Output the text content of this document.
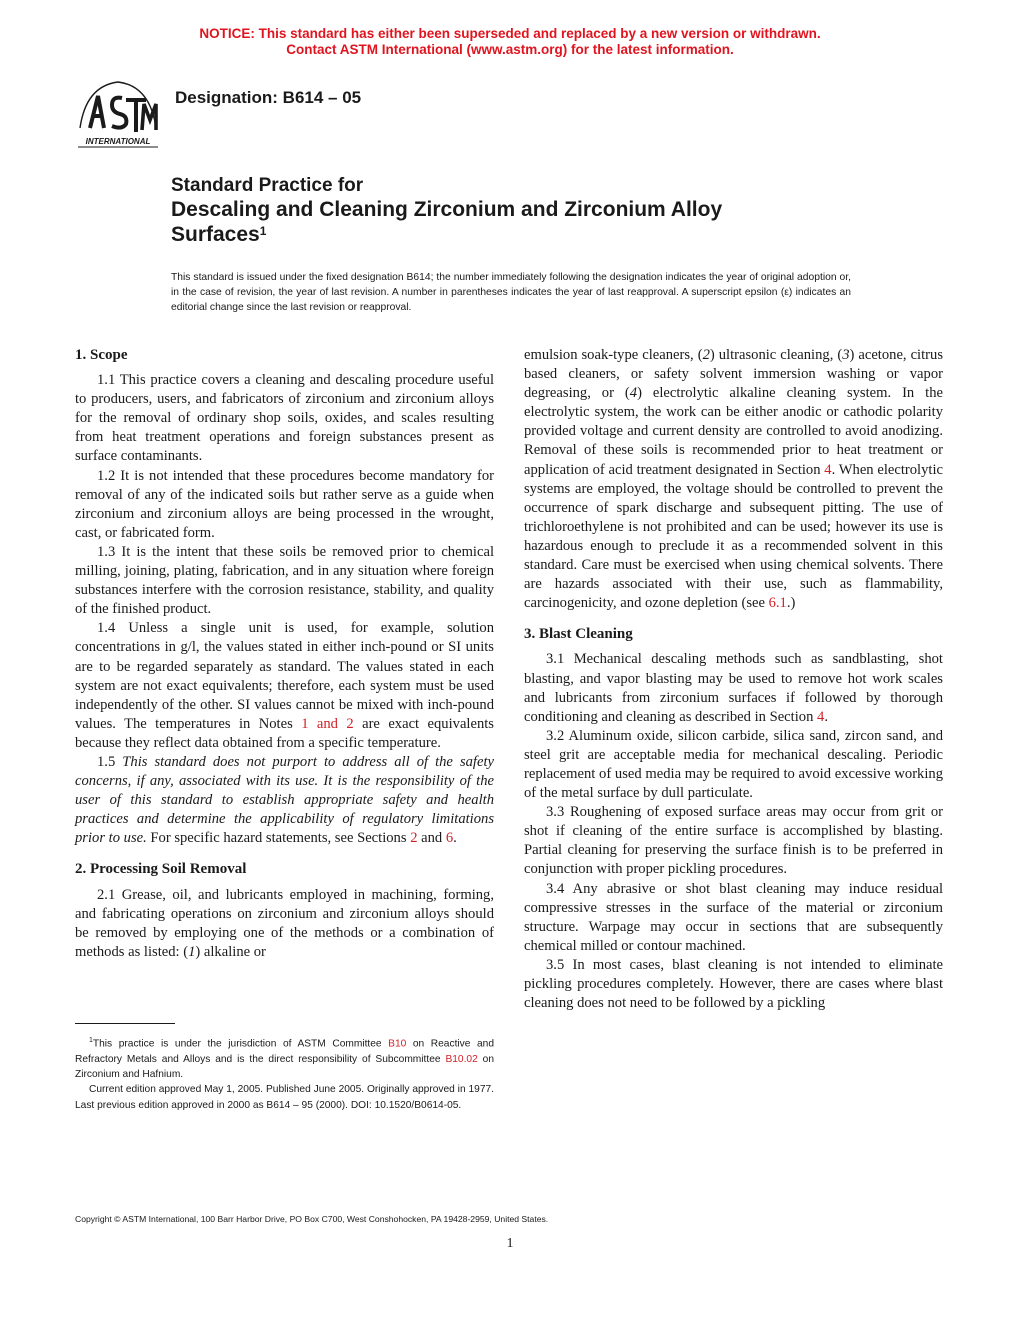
NOTICE: This standard has either been superseded and replaced by a new version or withdrawn.
Contact ASTM International (www.astm.org) for the latest information.
INTERNATIONAL
Designation: B614 – 05
Standard Practice for
Descaling and Cleaning Zirconium and Zirconium Alloy
Surfaces$^1$
This standard is issued under the fixed designation B614; the number immediately following the designation indicates the year of original adoption or, in the case of revision, the year of last revision. A number in parentheses indicates the year of last reapproval. A superscript epsilon (ε) indicates an editorial change since the last revision or reapproval.
1. Scope

1.1 This practice covers a cleaning and descaling procedure useful to producers, users, and fabricators of zirconium and zirconium alloys for the removal of ordinary shop soils, oxides, and scales resulting from heat treatment operations and foreign substances present as surface contaminants.

1.2 It is not intended that these procedures become mandatory for removal of any of the indicated soils but rather serve as a guide when zirconium and zirconium alloys are being processed in the wrought, cast, or fabricated form.

1.3 It is the intent that these soils be removed prior to chemical milling, joining, plating, fabrication, and in any situation where foreign substances interfere with the corrosion resistance, stability, and quality of the finished product.

1.4 Unless a single unit is used, for example, solution concentrations in g/l, the values stated in either inch-pound or SI units are to be regarded separately as standard. The values stated in each system are not exact equivalents; therefore, each system must be used independently of the other. SI values cannot be mixed with inch-pound values. The temperatures in Notes 1 and 2 are exact equivalents because they reflect data obtained from a specific temperature.

1.5 This standard does not purport to address all of the safety concerns, if any, associated with its use. It is the responsibility of the user of this standard to establish appropriate safety and health practices and determine the applicability of regulatory limitations prior to use. For specific hazard statements, see Sections 2 and 6.

2. Processing Soil Removal

2.1 Grease, oil, and lubricants employed in machining, forming, and fabricating operations on zirconium and zirconium alloys should be removed by employing one of the methods or a combination of methods as listed: (1) alkaline or

emulsion soak-type cleaners, (2) ultrasonic cleaning, (3) acetone, citrus based cleaners, or safety solvent immersion washing or vapor degreasing, or (4) electrolytic alkaline cleaning system. In the electrolytic system, the work can be either anodic or cathodic polarity provided voltage and current density are controlled to avoid anodizing. Removal of these soils is recommended prior to heat treatment or application of acid treatment designated in Section 4. When electrolytic systems are employed, the voltage should be controlled to prevent the occurrence of spark discharge and subsequent pitting. The use of trichloroethylene is not prohibited and can be used; however its use is hazardous enough to preclude it as a recommended solvent in this standard. Care must be exercised when using chemical solvents. There are hazards associated with their use, such as flammability, carcinogenicity, and ozone depletion (see 6.1.)

3. Blast Cleaning

3.1 Mechanical descaling methods such as sandblasting, shot blasting, and vapor blasting may be used to remove hot work scales and lubricants from zirconium surfaces if followed by thorough conditioning and cleaning as described in Section 4.

3.2 Aluminum oxide, silicon carbide, silica sand, zircon sand, and steel grit are acceptable media for mechanical descaling. Periodic replacement of used media may be required to avoid excessive working of the metal surface by dull particulate.

3.3 Roughening of exposed surface areas may occur from grit or shot if cleaning of the entire surface is accomplished by blasting. Partial cleaning for preserving the surface finish is to be preferred in conjunction with proper pickling procedures.

3.4 Any abrasive or shot blast cleaning may induce residual compressive stresses in the surface of the material or zirconium structure. Warpage may occur in sections that are subsequently chemical milled or contour machined.

3.5 In most cases, blast cleaning is not intended to eliminate pickling procedures completely. However, there are cases where blast cleaning does not need to be followed by a pickling

$^1$This practice is under the jurisdiction of ASTM Committee B10 on Reactive and Refractory Metals and Alloys and is the direct responsibility of Subcommittee B10.02 on Zirconium and Hafnium.

Current edition approved May 1, 2005. Published June 2005. Originally approved in 1977. Last previous edition approved in 2000 as B614 – 95 (2000). DOI: 10.1520/B0614-05.

Copyright © ASTM International, 100 Barr Harbor Drive, PO Box C700, West Conshohocken, PA 19428-2959, United States.
1
